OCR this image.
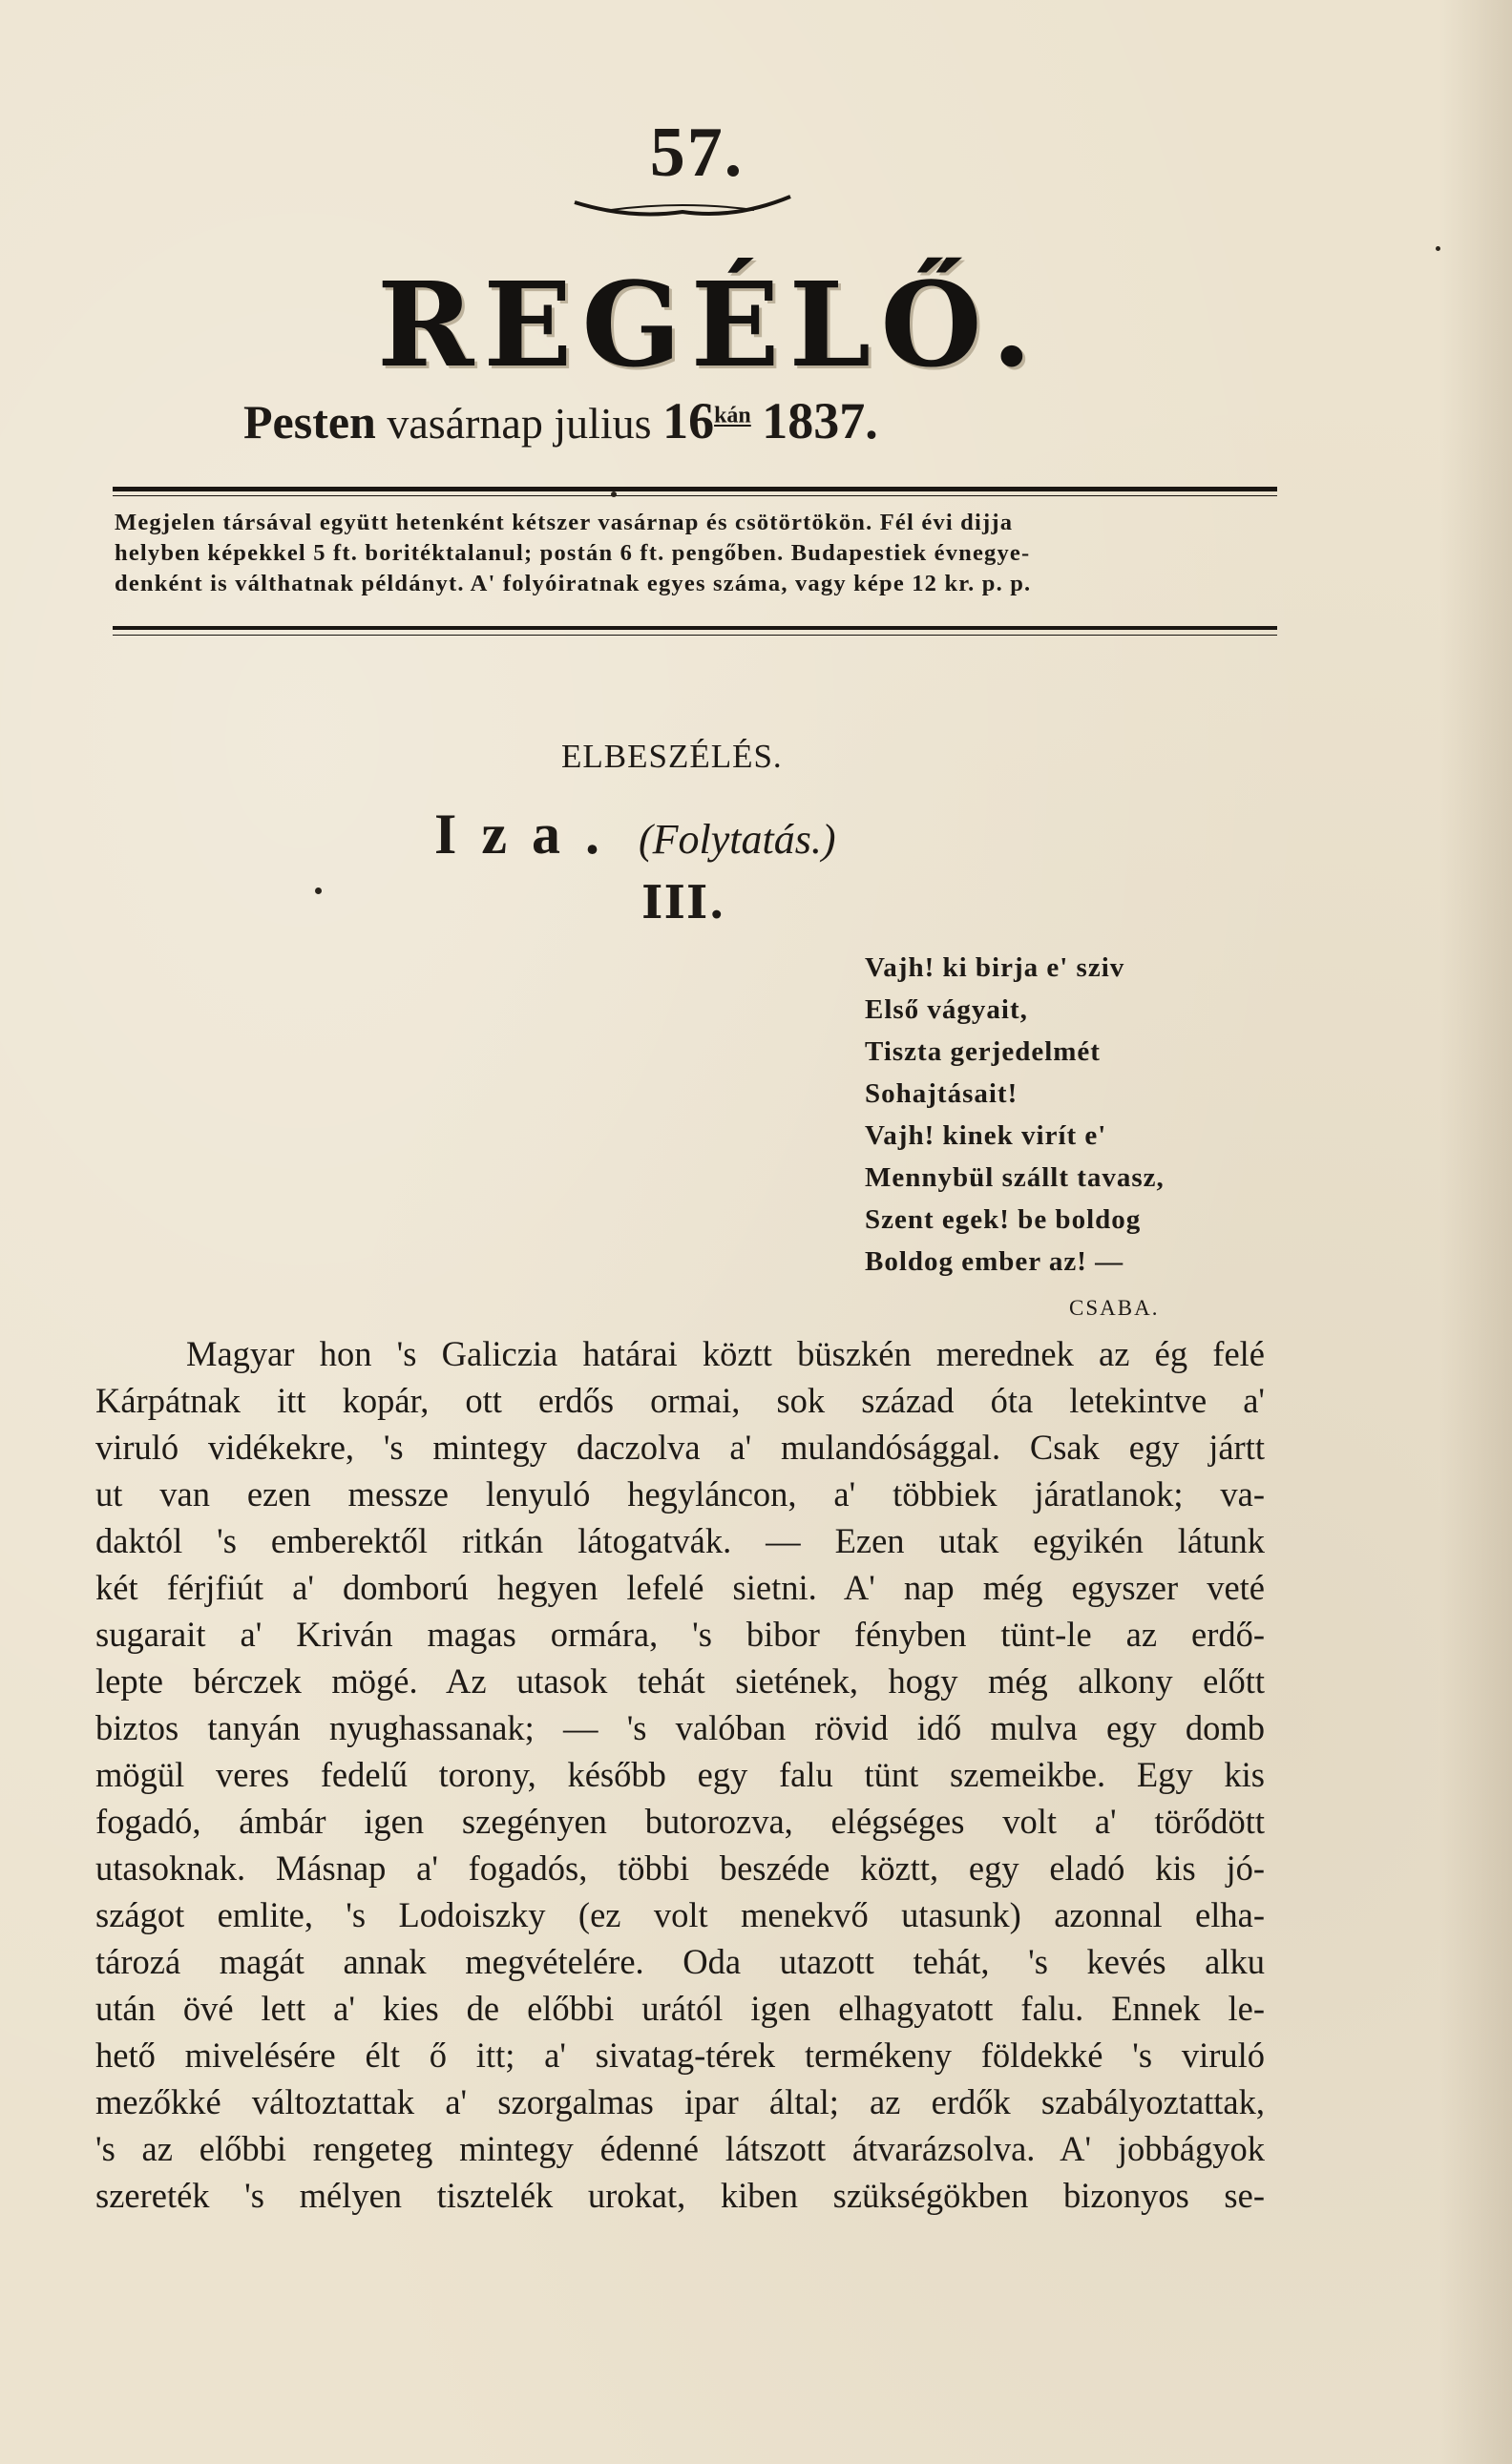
57.
REGÉLŐ.
Pesten vasárnap julius $16^{kán}$ 1837.
Megjelen társával együtt hetenként kétszer vasárnap és csötörtökön. Fél évi dijja
helyben képekkel 5 ft. boritéktalanul; postán 6 ft. pengőben. Budapestiek évnegye-
denként is válthatnak példányt. A' folyóiratnak egyes száma, vagy képe 12 kr. p. p.
ELBESZÉLÉS.
Iza. (Folytatás.)
III.
Vajh! ki birja e' sziv
Első vágyait,
Tiszta gerjedelmét
Sohajtásait!
Vajh! kinek virít e'
Mennybül szállt tavasz,
Szent egek! be boldog
Boldog ember az! —
CSABA.
Magyar hon 's Galiczia határai köztt büszkén merednek az ég felé
Kárpátnak itt kopár, ott erdős ormai, sok század óta letekintve a'
viruló vidékekre, 's mintegy daczolva a' mulandósággal. Csak egy jártt
ut van ezen messze lenyuló hegyláncon, a' többiek járatlanok; va-
daktól 's emberektől ritkán látogatvák. — Ezen utak egyikén látunk
két férjfiút a' domború hegyen lefelé sietni. A' nap még egyszer veté
sugarait a' Kriván magas ormára, 's bibor fényben tünt-le az erdő-
lepte bérczek mögé. Az utasok tehát sietének, hogy még alkony előtt
biztos tanyán nyughassanak; — 's valóban rövid idő mulva egy domb
mögül veres fedelű torony, később egy falu tünt szemeikbe. Egy kis
fogadó, ámbár igen szegényen butorozva, elégséges volt a' törődött
utasoknak. Másnap a' fogadós, többi beszéde köztt, egy eladó kis jó-
szágot emlite, 's Lodoiszky (ez volt menekvő utasunk) azonnal elha-
tározá magát annak megvételére. Oda utazott tehát, 's kevés alku
után övé lett a' kies de előbbi urától igen elhagyatott falu. Ennek le-
hető mivelésére élt ő itt; a' sivatag-térek termékeny földekké 's viruló
mezőkké változtattak a' szorgalmas ipar által; az erdők szabályoztattak,
's az előbbi rengeteg mintegy édenné látszott átvarázsolva. A' jobbágyok
szereték 's mélyen tisztelék urokat, kiben szükségökben bizonyos se-
